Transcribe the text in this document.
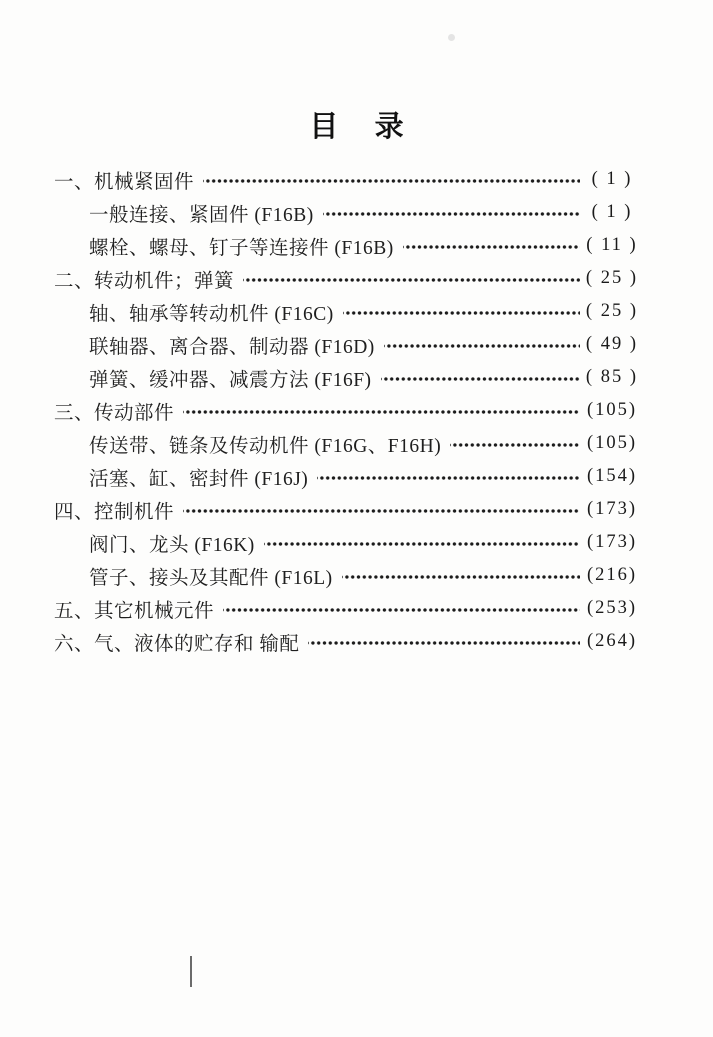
目录
一、机械紧固件	( 1 )
一般连接、紧固件 (F16B)	( 1 )
螺栓、螺母、钉子等连接件 (F16B)	( 11 )
二、转动机件；弹簧	( 25 )
轴、轴承等转动机件 (F16C)	( 25 )
联轴器、离合器、制动器 (F16D)	( 49 )
弹簧、缓冲器、减震方法 (F16F)	( 85 )
三、传动部件	(105)
传送带、链条及传动机件 (F16G、F16H)	(105)
活塞、缸、密封件 (F16J)	(154)
四、控制机件	(173)
阀门、龙头 (F16K)	(173)
管子、接头及其配件 (F16L)	(216)
五、其它机械元件	(253)
六、气、液体的贮存和 输配	(264)
